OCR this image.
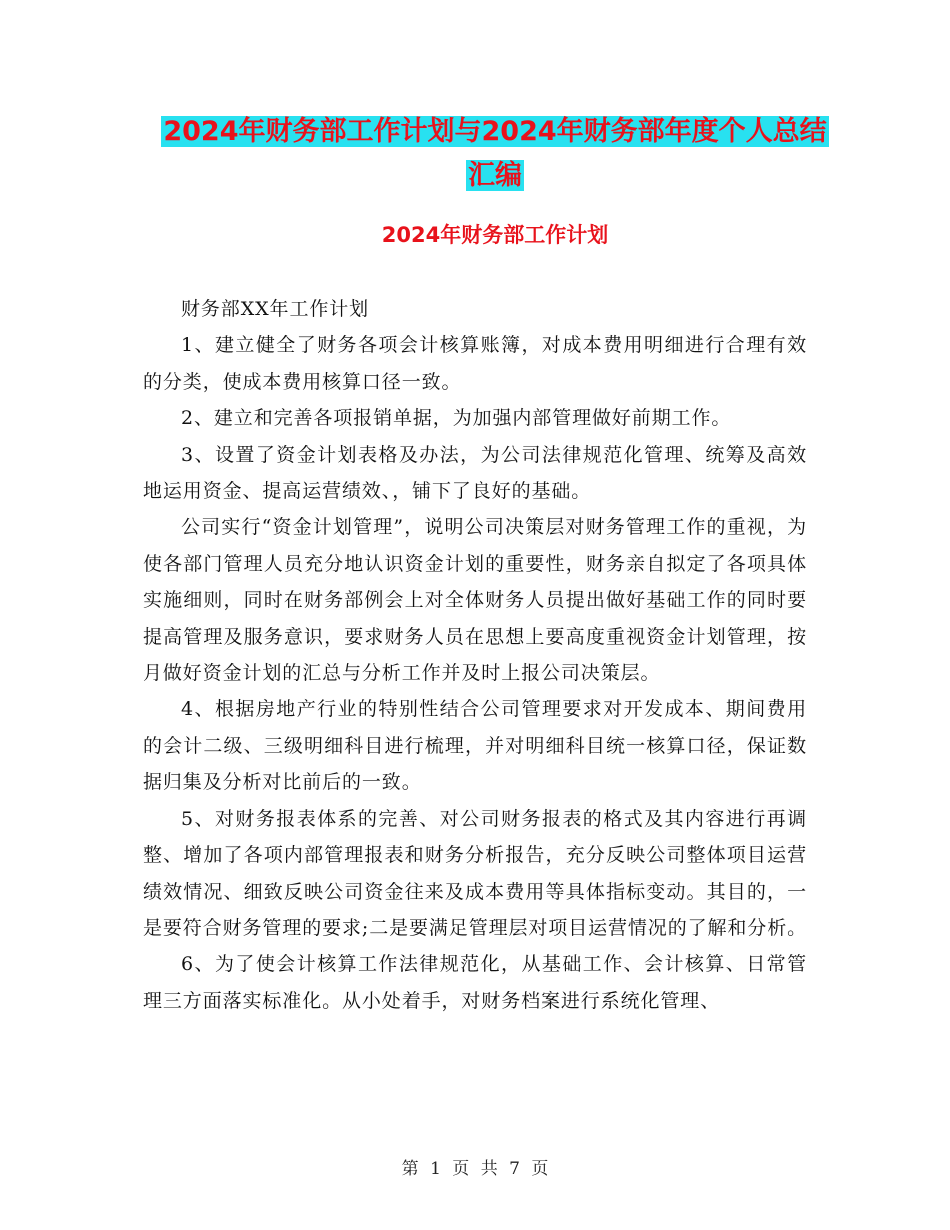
2024年财务部工作计划与2024年财务部年度个人总结
汇编
2024年财务部工作计划

财务部XX年工作计划

1、建立健全了财务各项会计核算账簿，对成本费用明细进行合理有效的分类，使成本费用核算口径一致。

2、建立和完善各项报销单据，为加强内部管理做好前期工作。

3、设置了资金计划表格及办法，为公司法律规范化管理、统筹及高效地运用资金、提高运营绩效、，铺下了良好的基础。

公司实行“资金计划管理”，说明公司决策层对财务管理工作的重视，为使各部门管理人员充分地认识资金计划的重要性，财务亲自拟定了各项具体实施细则，同时在财务部例会上对全体财务人员提出做好基础工作的同时要提高管理及服务意识，要求财务人员在思想上要高度重视资金计划管理，按月做好资金计划的汇总与分析工作并及时上报公司决策层。

4、根据房地产行业的特别性结合公司管理要求对开发成本、期间费用的会计二级、三级明细科目进行梳理，并对明细科目统一核算口径，保证数据归集及分析对比前后的一致。

5、对财务报表体系的完善、对公司财务报表的格式及其内容进行再调整、增加了各项内部管理报表和财务分析报告，充分反映公司整体项目运营绩效情况、细致反映公司资金往来及成本费用等具体指标变动。其目的，一是要符合财务管理的要求;二是要满足管理层对项目运营情况的了解和分析。

6、为了使会计核算工作法律规范化，从基础工作、会计核算、日常管理三方面落实标准化。从小处着手，对财务档案进行系统化管理、

第 1 页 共 7 页
